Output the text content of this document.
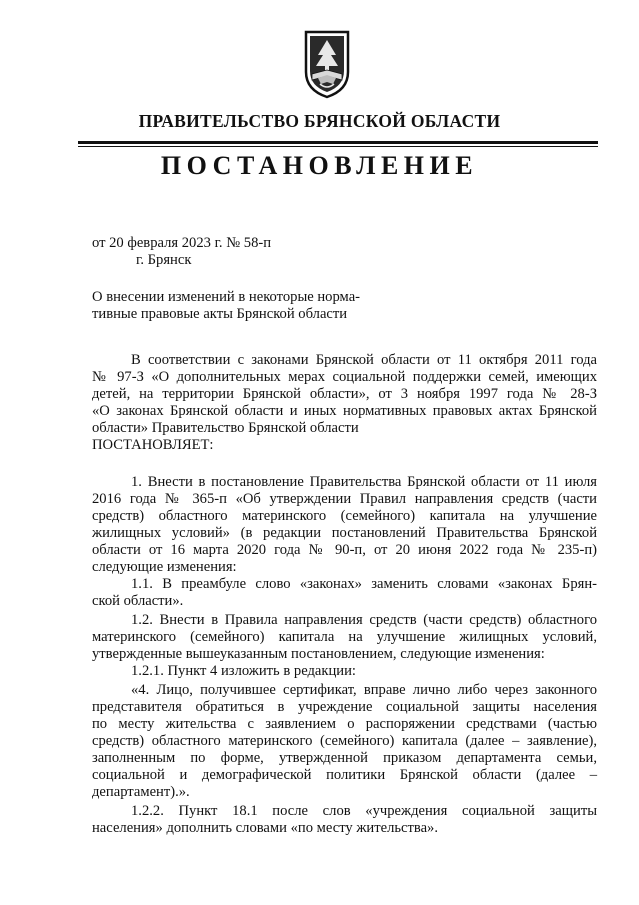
ПРАВИТЕЛЬСТВО БРЯНСКОЙ ОБЛАСТИ
ПОСТАНОВЛЕНИЕ
от 20 февраля 2023 г. № 58-п
г. Брянск
О внесении изменений в некоторые норма-
тивные правовые акты Брянской области
В соответствии с законами Брянской области от 11 октября 2011 года
№ 97-З «О дополнительных мерах социальной поддержки семей, имеющих
детей, на территории Брянской области», от 3 ноября 1997 года № 28-З
«О законах Брянской области и иных нормативных правовых актах Брянской
области» Правительство Брянской области
ПОСТАНОВЛЯЕТ:
1. Внести в постановление Правительства Брянской области от 11 июля
2016 года № 365-п «Об утверждении Правил направления средств (части
средств) областного материнского (семейного) капитала на улучшение
жилищных условий» (в редакции постановлений Правительства Брянской
области от 16 марта 2020 года № 90-п, от 20 июня 2022 года № 235-п)
следующие изменения:
1.1. В преамбуле слово «законах» заменить словами «законах Брян-
ской области».
1.2. Внести в Правила направления средств (части средств) областного
материнского (семейного) капитала на улучшение жилищных условий,
утвержденные вышеуказанным постановлением, следующие изменения:
1.2.1. Пункт 4 изложить в редакции:
«4. Лицо, получившее сертификат, вправе лично либо через законного
представителя обратиться в учреждение социальной защиты населения
по месту жительства с заявлением о распоряжении средствами (частью
средств) областного материнского (семейного) капитала (далее – заявление),
заполненным по форме, утвержденной приказом департамента семьи,
социальной и демографической политики Брянской области (далее –
департамент).».
1.2.2. Пункт 18.1 после слов «учреждения социальной защиты
населения» дополнить словами «по месту жительства».
